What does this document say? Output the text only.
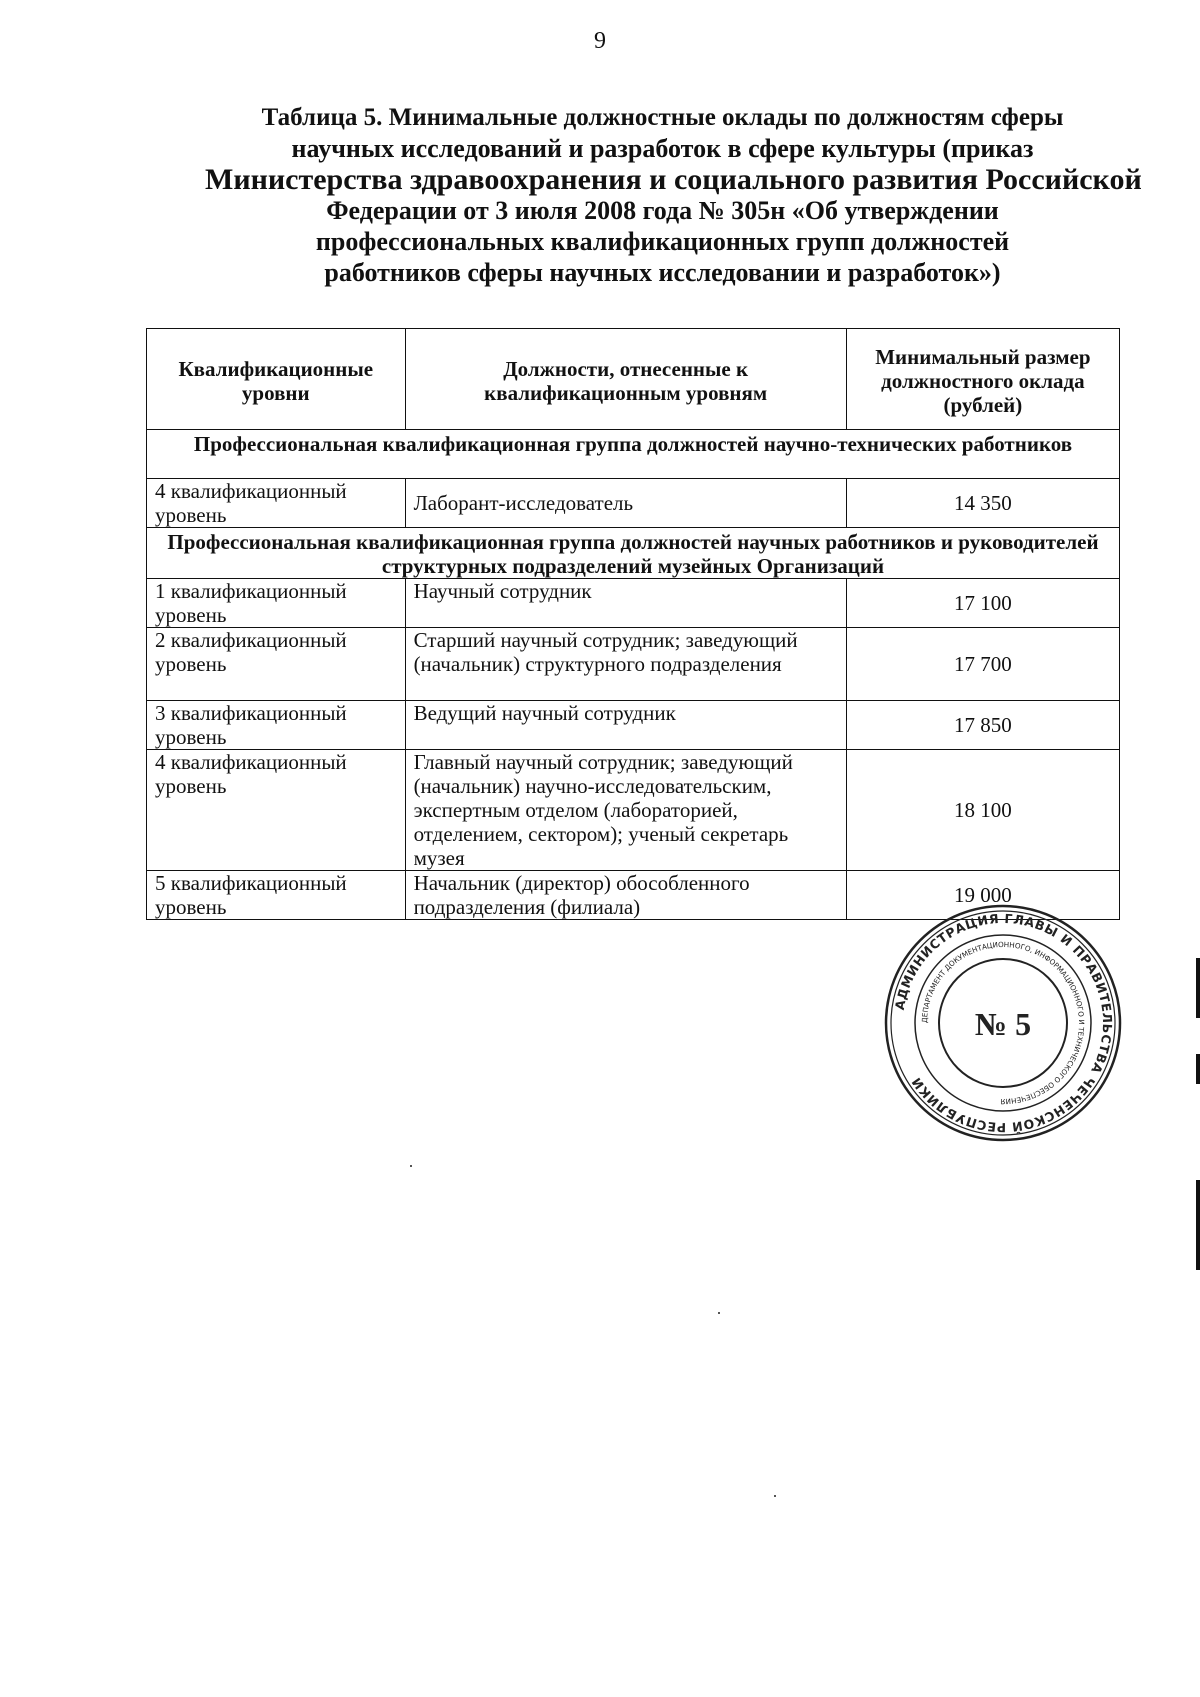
9
Таблица 5. Минимальные должностные оклады по должностям сферы
научных исследований и разработок в сфере культуры (приказ
Министерства здравоохранения и социального развития Российской
Федерации от 3 июля 2008 года № 305н «Об утверждении
профессиональных квалификационных групп должностей
работников сферы научных исследовании и разработок»)
Квалификационные уровни	Должности, отнесенные к квалификационным уровням	Минимальный размер должностного оклада (рублей)
Профессиональная квалификационная группа должностей научно-технических работников		
4 квалификационный уровень	Лаборант-исследователь	14 350
Профессиональная квалификационная группа должностей научных работников и руководителей структурных подразделений музейных Организаций		
1 квалификационный уровень	Научный сотрудник	17 100
2 квалификационный уровень	Старший научный сотрудник; заведующий (начальник) структурного подразделения	17 700
3 квалификационный уровень	Ведущий научный сотрудник	17 850
4 квалификационный уровень	Главный научный сотрудник; заведующий (начальник) научно-исследовательским, экспертным отделом (лабораторией, отделением, сектором); ученый секретарь музея	18 100
5 квалификационный уровень	Начальник (директор) обособленного подразделения (филиала)	19 000
АДМИНИСТРАЦИЯ ГЛАВЫ И ПРАВИТЕЛЬСТВА ЧЕЧЕНСКОЙ РЕСПУБЛИКИ
ДЕПАРТАМЕНТ ДОКУМЕНТАЦИОННОГО, ИНФОРМАЦИОННОГО И ТЕХНИЧЕСКОГО ОБЕСПЕЧЕНИЯ
№ 5
